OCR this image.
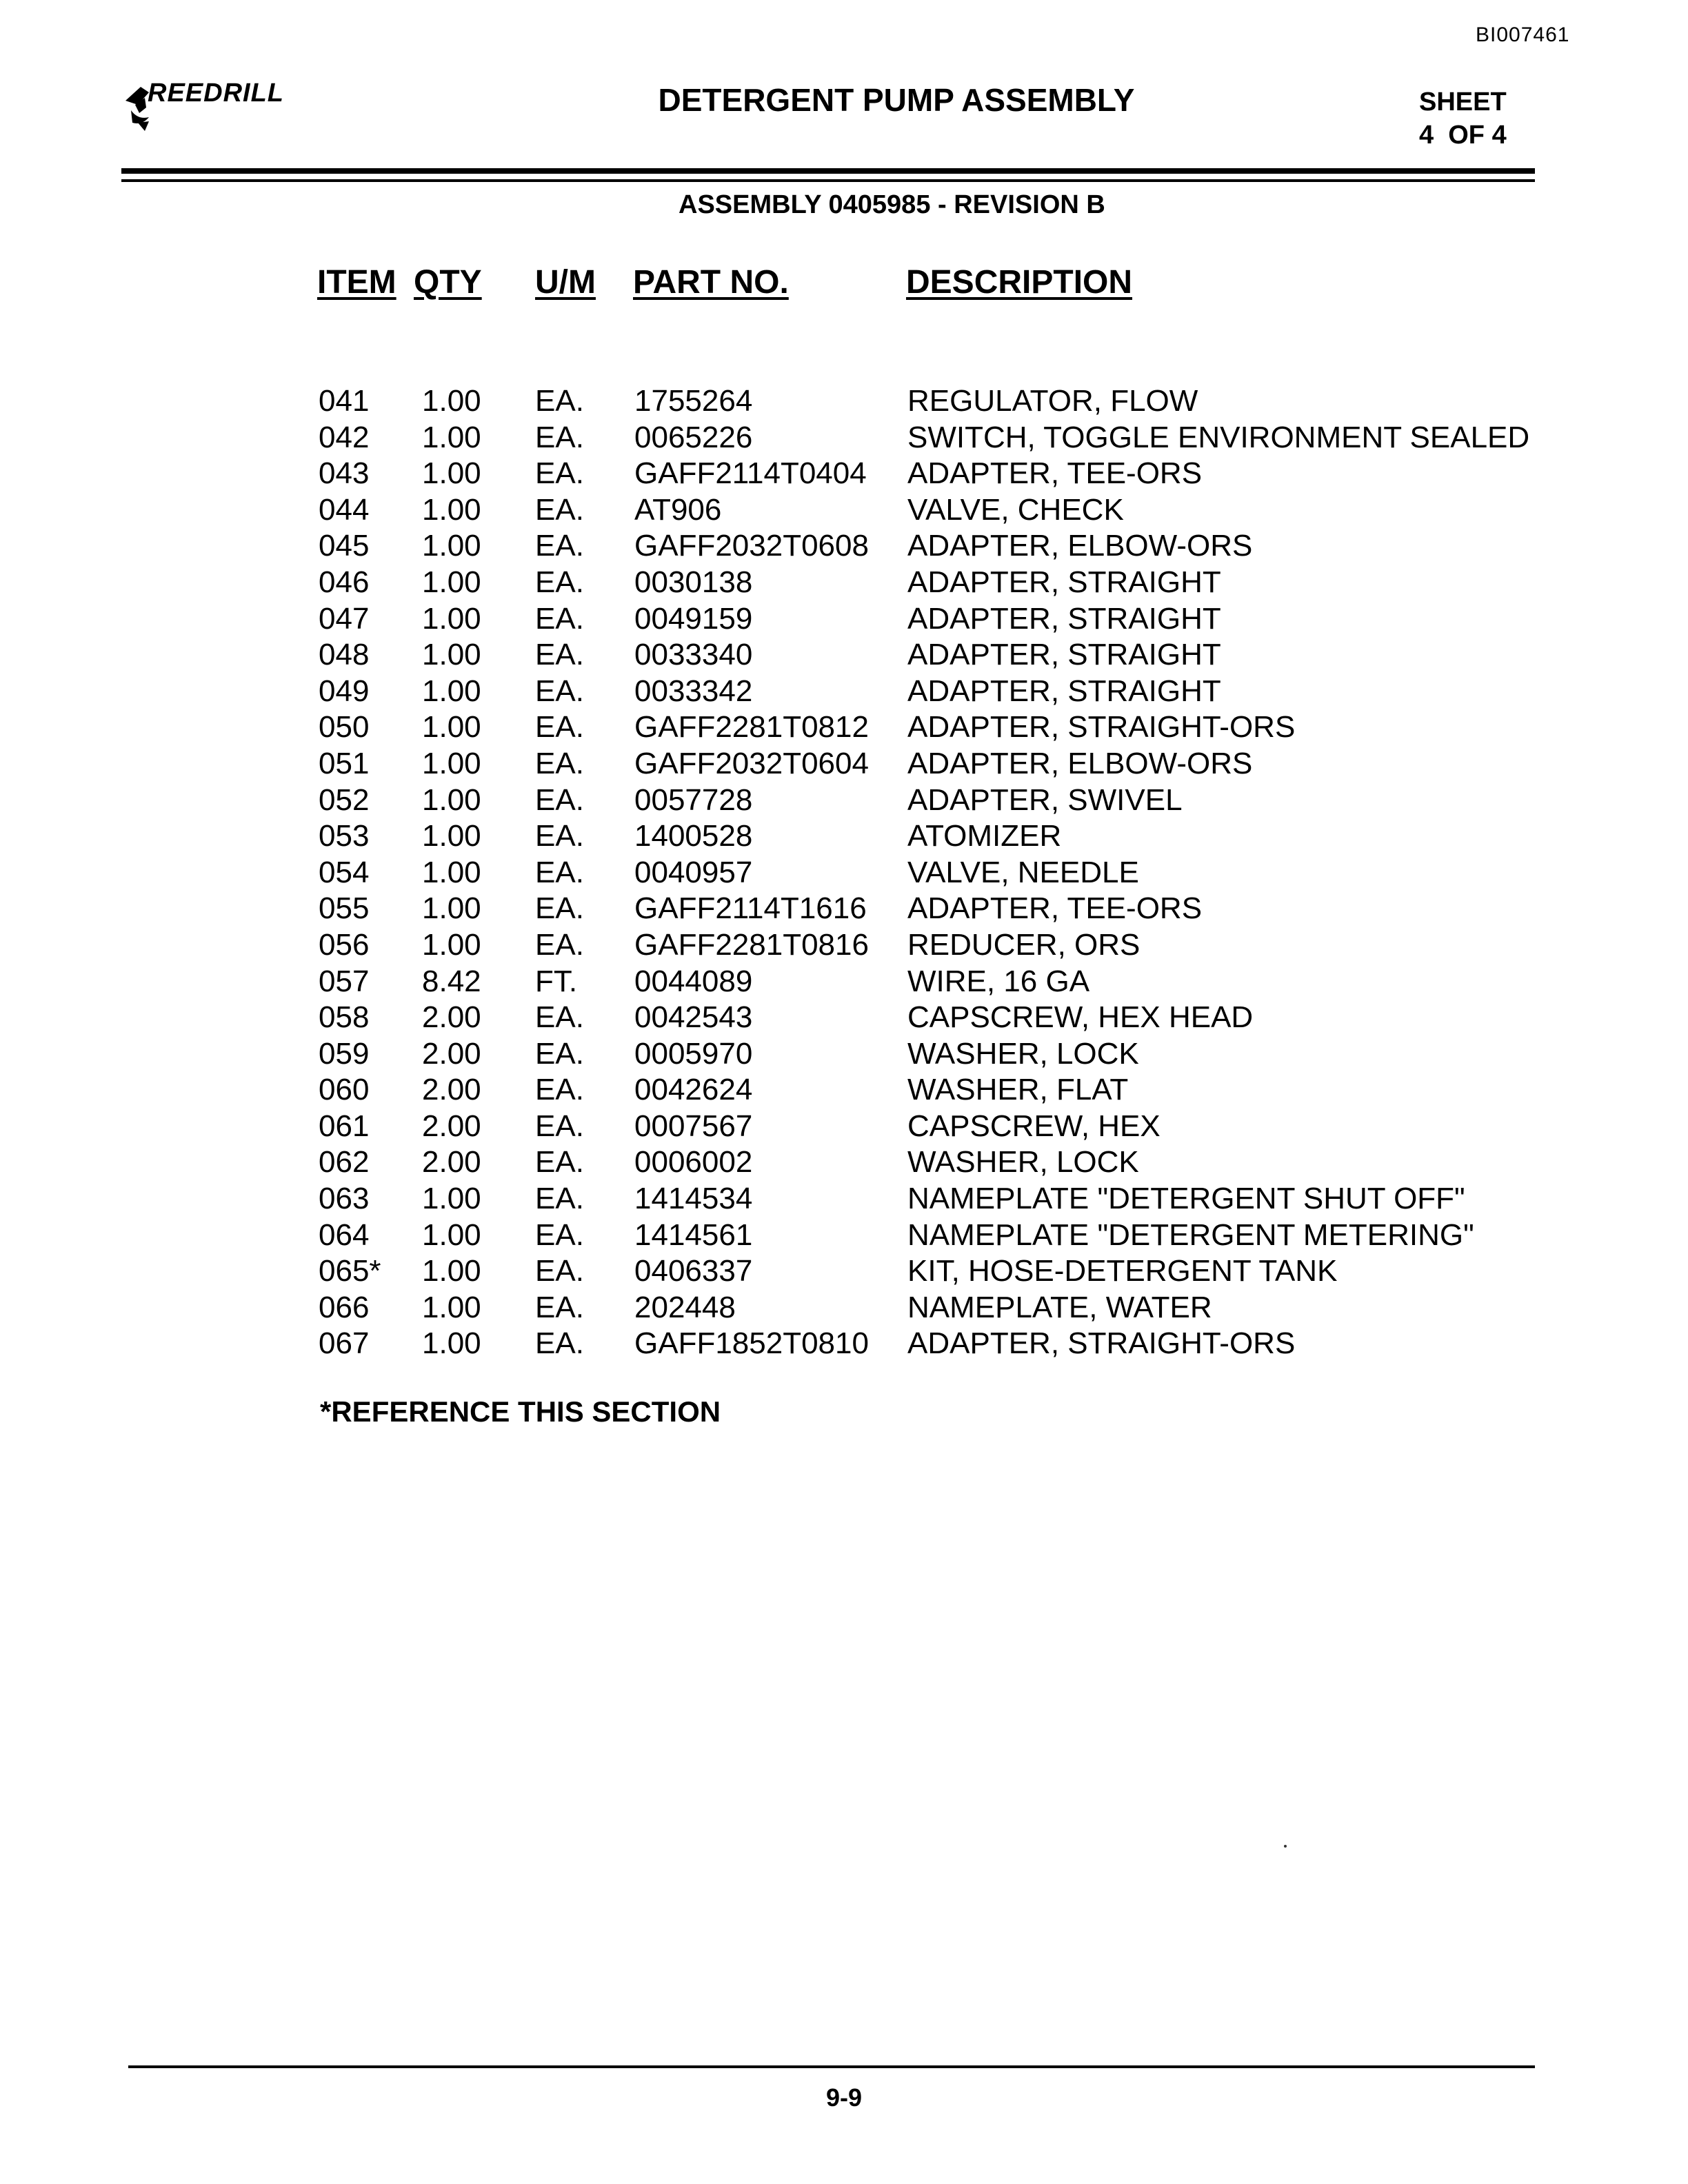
BI007461
REEDRILL	DETERGENT PUMP ASSEMBLY	SHEET
4  OF 4
ASSEMBLY 0405985 - REVISION B
ITEM QTY U/M PART NO.	DESCRIPTION
041 1.00 EA. 1755264	REGULATOR, FLOW
042 1.00 EA. 0065226	SWITCH, TOGGLE ENVIRONMENT SEALED
043 1.00 EA. GAFF2114T0404 ADAPTER, TEE-ORS
044 1.00 EA. AT906	VALVE, CHECK
045 1.00 EA. GAFF2032T0608 ADAPTER, ELBOW-ORS
046 1.00 EA. 0030138	ADAPTER, STRAIGHT
047 1.00 EA. 0049159	ADAPTER, STRAIGHT
048 1.00 EA. 0033340	ADAPTER, STRAIGHT
049 1.00 EA. 0033342	ADAPTER, STRAIGHT
050 1.00 EA. GAFF2281T0812 ADAPTER, STRAIGHT-ORS
051 1.00 EA. GAFF2032T0604 ADAPTER, ELBOW-ORS
052 1.00 EA. 0057728	ADAPTER, SWIVEL
053 1.00 EA. 1400528	ATOMIZER
054 1.00 EA. 0040957	VALVE, NEEDLE
055 1.00 EA. GAFF2114T1616 ADAPTER, TEE-ORS
056 1.00 EA. GAFF2281T0816 REDUCER, ORS
057 8.42 FT. 0044089	WIRE, 16 GA
058 2.00 EA. 0042543	CAPSCREW, HEX HEAD
059 2.00 EA. 0005970	WASHER, LOCK
060 2.00 EA. 0042624	WASHER, FLAT
061 2.00 EA. 0007567	CAPSCREW, HEX
062 2.00 EA. 0006002	WASHER, LOCK
063 1.00 EA. 1414534	NAMEPLATE "DETERGENT SHUT OFF"
064 1.00 EA. 1414561	NAMEPLATE "DETERGENT METERING"
065* 1.00 EA. 0406337	KIT, HOSE-DETERGENT TANK
066 1.00 EA. 202448	NAMEPLATE, WATER
067 1.00 EA. GAFF1852T0810 ADAPTER, STRAIGHT-ORS
*REFERENCE THIS SECTION
9-9
